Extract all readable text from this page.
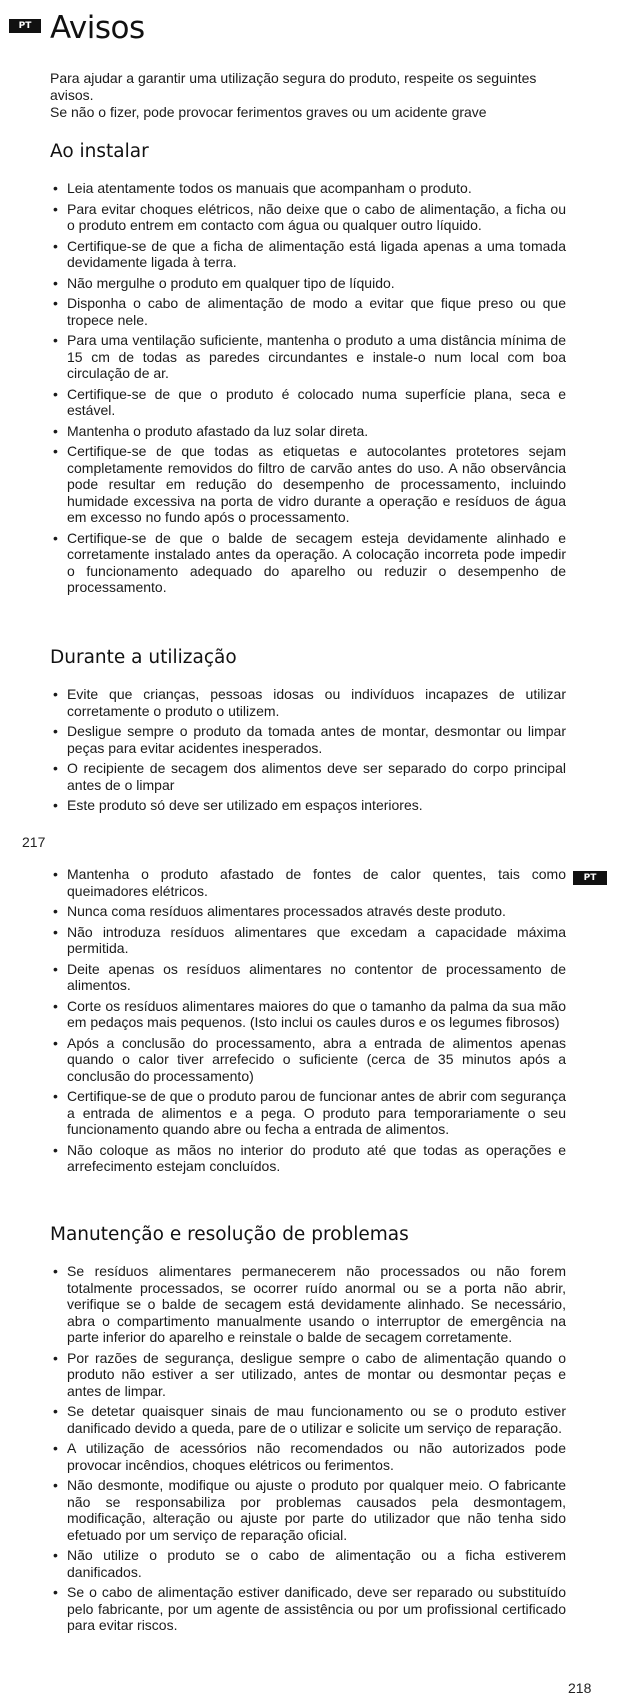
PT Avisos

Para ajudar a garantir uma utilização segura do produto, respeite os seguintes avisos.

Se não o fizer, pode provocar ferimentos graves ou um acidente grave

Ao instalar
• Leia atentamente todos os manuais que acompanham o produto.
• Para evitar choques elétricos, não deixe que o cabo de alimentação, a ficha ou o produto entrem em contacto com água ou qualquer outro líquido.
• Certifique-se de que a ficha de alimentação está ligada apenas a uma tomada devidamente ligada à terra.
• Não mergulhe o produto em qualquer tipo de líquido.
• Disponha o cabo de alimentação de modo a evitar que fique preso ou que tropece nele.
• Para uma ventilação suficiente, mantenha o produto a uma distância mínima de 15 cm de todas as paredes circundantes e instale-o num local com boa circulação de ar.
• Certifique-se de que o produto é colocado numa superfície plana, seca e estável.
• Mantenha o produto afastado da luz solar direta.
• Certifique-se de que todas as etiquetas e autocolantes protetores sejam completamente removidos do filtro de carvão antes do uso. A não observância pode resultar em redução do desempenho de processamento, incluindo humidade excessiva na porta de vidro durante a operação e resíduos de água em excesso no fundo após o processamento.
• Certifique-se de que o balde de secagem esteja devidamente alinhado e corretamente instalado antes da operação. A colocação incorreta pode impedir o funcionamento adequado do aparelho ou reduzir o desempenho de processamento.
Durante a utilização
• Evite que crianças, pessoas idosas ou indivíduos incapazes de utilizar corretamente o produto o utilizem.
• Desligue sempre o produto da tomada antes de montar, desmontar ou limpar peças para evitar acidentes inesperados.
• O recipiente de secagem dos alimentos deve ser separado do corpo principal antes de o limpar
• Este produto só deve ser utilizado em espaços interiores.
217
PT
• Mantenha o produto afastado de fontes de calor quentes, tais como queimadores elétricos.
• Nunca coma resíduos alimentares processados através deste produto.
• Não introduza resíduos alimentares que excedam a capacidade máxima permitida.
• Deite apenas os resíduos alimentares no contentor de processamento de alimentos.
• Corte os resíduos alimentares maiores do que o tamanho da palma da sua mão em pedaços mais pequenos. (Isto inclui os caules duros e os legumes fibrosos)
• Após a conclusão do processamento, abra a entrada de alimentos apenas quando o calor tiver arrefecido o suficiente (cerca de 35 minutos após a conclusão do processamento)
• Certifique-se de que o produto parou de funcionar antes de abrir com segurança a entrada de alimentos e a pega. O produto para temporariamente o seu funcionamento quando abre ou fecha a entrada de alimentos.
• Não coloque as mãos no interior do produto até que todas as operações e arrefecimento estejam concluídos.
Manutenção e resolução de problemas
• Se resíduos alimentares permanecerem não processados ou não forem totalmente processados, se ocorrer ruído anormal ou se a porta não abrir, verifique se o balde de secagem está devidamente alinhado. Se necessário, abra o compartimento manualmente usando o interruptor de emergência na parte inferior do aparelho e reinstale o balde de secagem corretamente.
• Por razões de segurança, desligue sempre o cabo de alimentação quando o produto não estiver a ser utilizado, antes de montar ou desmontar peças e antes de limpar.
• Se detetar quaisquer sinais de mau funcionamento ou se o produto estiver danificado devido a queda, pare de o utilizar e solicite um serviço de reparação.
• A utilização de acessórios não recomendados ou não autorizados pode provocar incêndios, choques elétricos ou ferimentos.
• Não desmonte, modifique ou ajuste o produto por qualquer meio. O fabricante não se responsabiliza por problemas causados pela desmontagem, modificação, alteração ou ajuste por parte do utilizador que não tenha sido efetuado por um serviço de reparação oficial.
• Não utilize o produto se o cabo de alimentação ou a ficha estiverem danificados.
• Se o cabo de alimentação estiver danificado, deve ser reparado ou substituído pelo fabricante, por um agente de assistência ou por um profissional certificado para evitar riscos.
218
